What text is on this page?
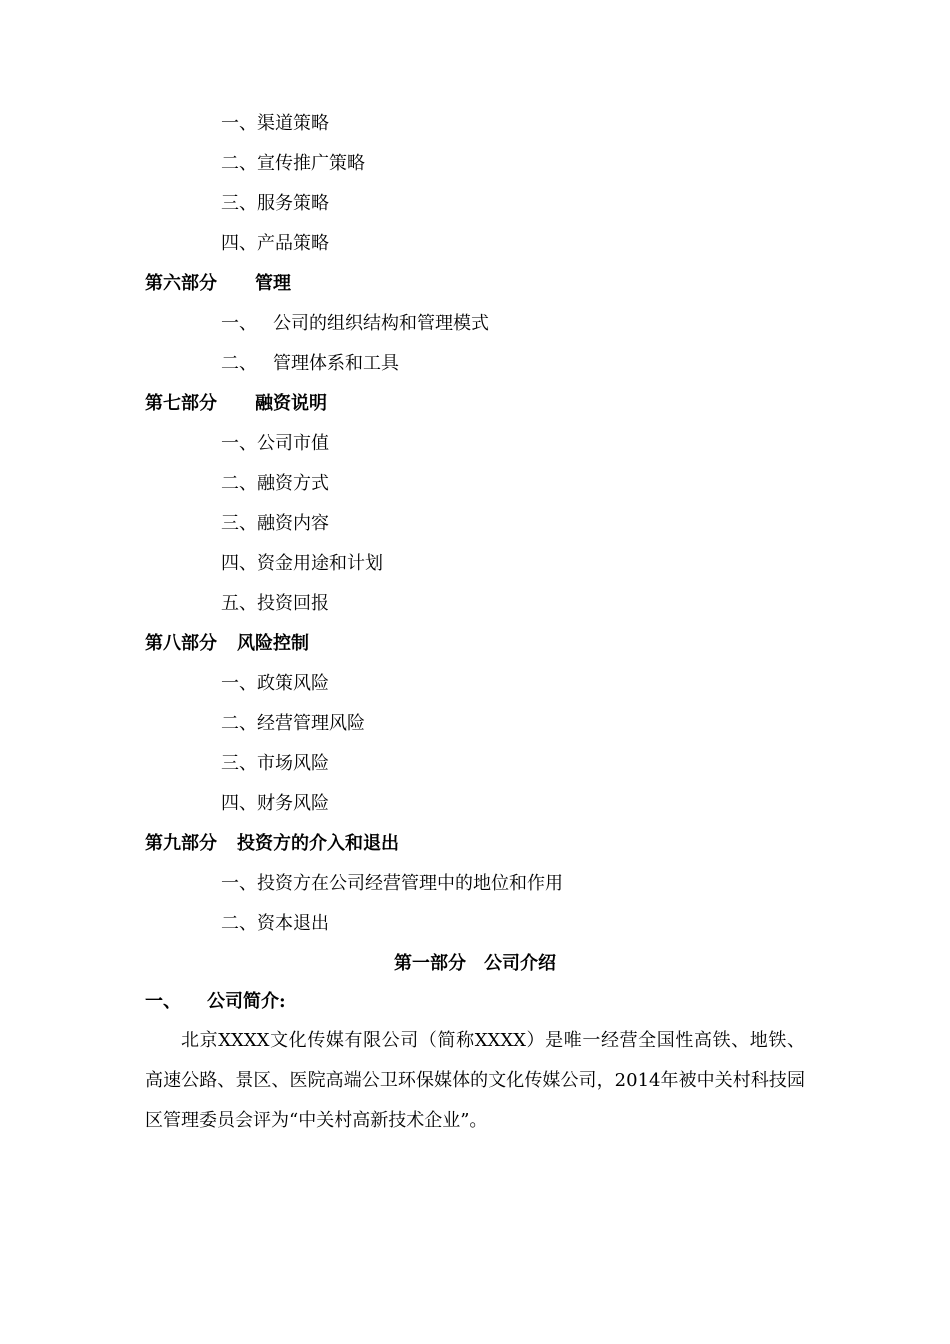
一、渠道策略
二、宣传推广策略
三、服务策略
四、产品策略
第六部分 管理
一、 公司的组织结构和管理模式
二、 管理体系和工具
第七部分 融资说明
一、公司市值
二、融资方式
三、融资内容
四、资金用途和计划
五、投资回报
第八部分 风险控制
一、政策风险
二、经营管理风险
三、市场风险
四、财务风险
第九部分 投资方的介入和退出
一、投资方在公司经营管理中的地位和作用
二、资本退出
第一部分 公司介绍
一、 公司简介:
北京XXXX文化传媒有限公司（简称XXXX）是唯一经营全国性高铁、地铁、高速公路、景区、医院高端公卫环保媒体的文化传媒公司，2014年被中关村科技园区管理委员会评为“中关村高新技术企业”。
